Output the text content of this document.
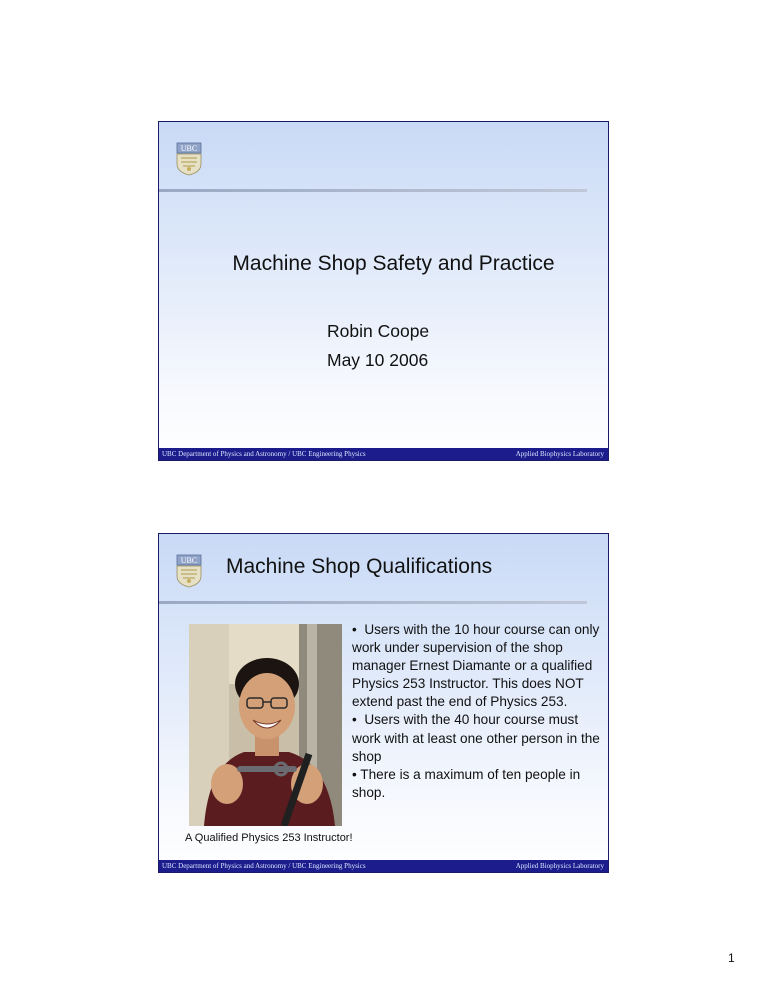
UBC
Machine Shop Safety and Practice
Robin Coope
May 10 2006
UBC Department of Physics and Astronomy / UBC Engineering Physics	Applied Biophysics Laboratory
UBC Machine Shop Qualifications
•  Users with the 10 hour course can only work under supervision of the shop manager Ernest Diamante or a qualified Physics 253 Instructor. This does NOT extend past the end of Physics 253.
•  Users with the 40 hour course must work with at least one other person in the shop
• There is a maximum of ten people in shop.
A Qualified Physics 253 Instructor!
UBC Department of Physics and Astronomy / UBC Engineering Physics	Applied Biophysics Laboratory
1
